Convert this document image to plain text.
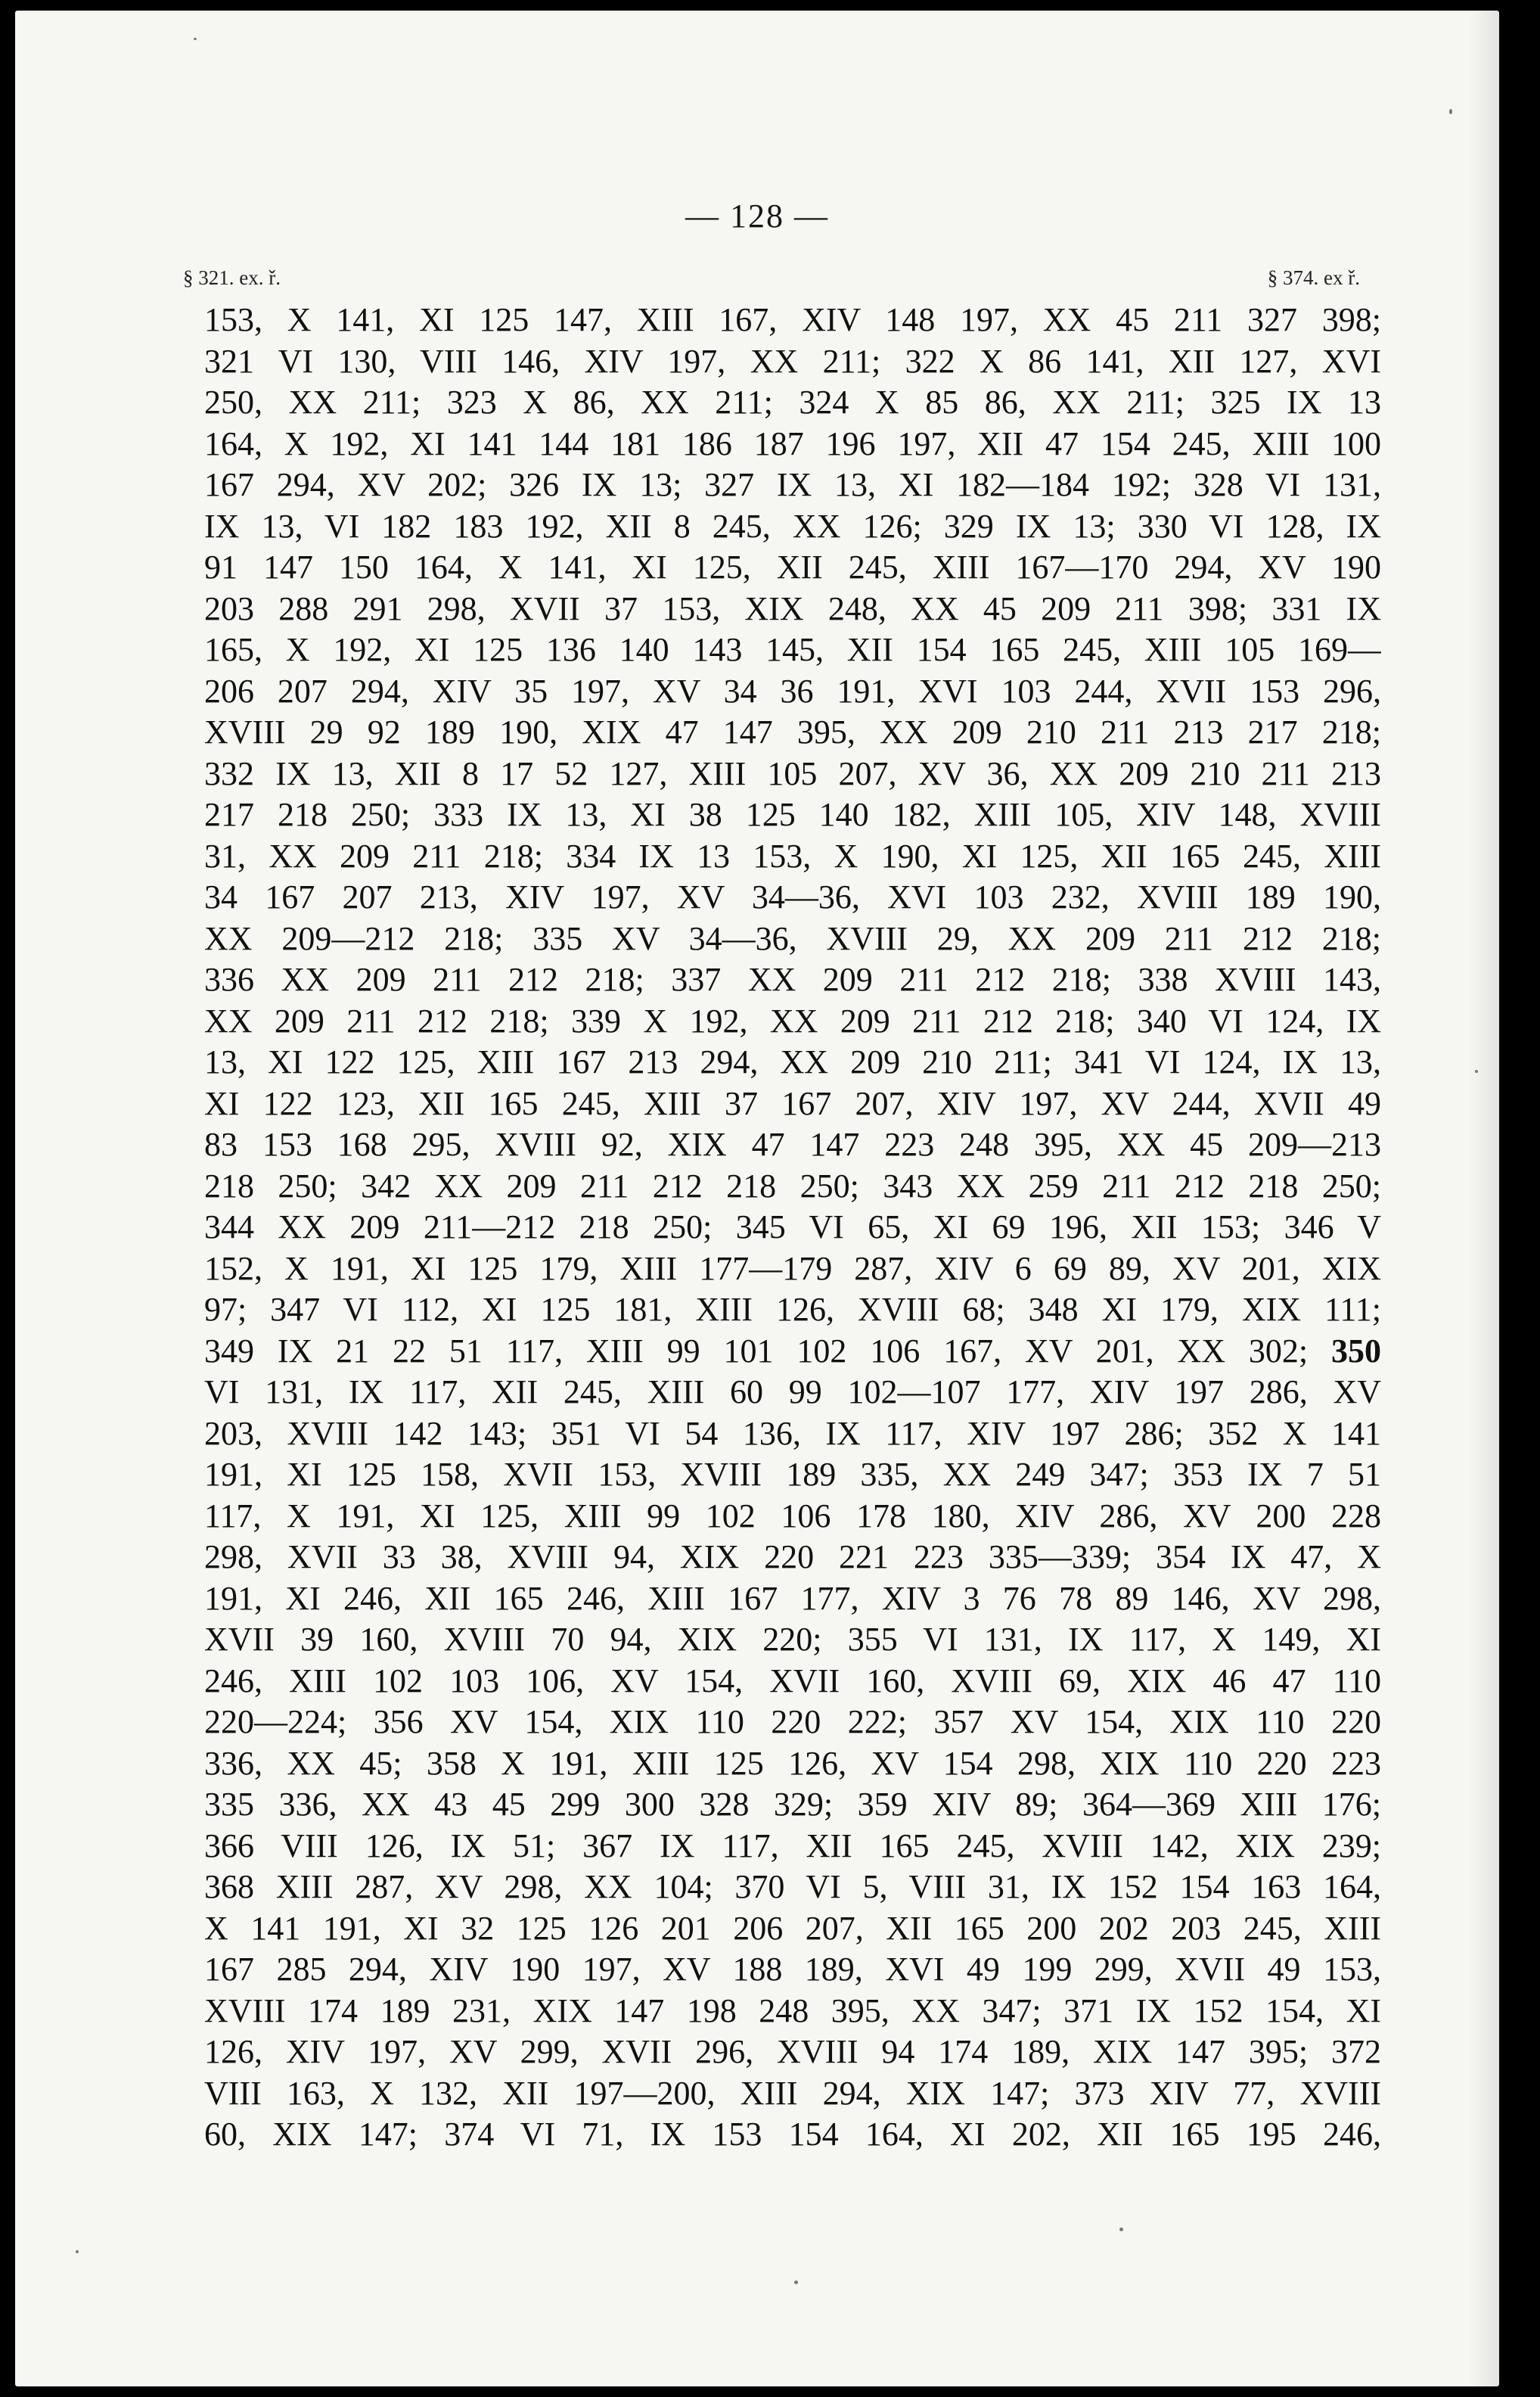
— 128 —
§ 321. ex. ř.	§ 374. ex ř.
153, X 141, XI 125 147, XIII 167, XIV 148 197, XX 45 211 327 398;
321 VI 130, VIII 146, XIV 197, XX 211; 322 X 86 141, XII 127, XVI
250, XX 211; 323 X 86, XX 211; 324 X 85 86, XX 211; 325 IX 13
164, X 192, XI 141 144 181 186 187 196 197, XII 47 154 245, XIII 100
167 294, XV 202; 326 IX 13; 327 IX 13, XI 182—184 192; 328 VI 131,
IX 13, VI 182 183 192, XII 8 245, XX 126; 329 IX 13; 330 VI 128, IX
91 147 150 164, X 141, XI 125, XII 245, XIII 167—170 294, XV 190
203 288 291 298, XVII 37 153, XIX 248, XX 45 209 211 398; 331 IX
165, X 192, XI 125 136 140 143 145, XII 154 165 245, XIII 105 169—
206 207 294, XIV 35 197, XV 34 36 191, XVI 103 244, XVII 153 296,
XVIII 29 92 189 190, XIX 47 147 395, XX 209 210 211 213 217 218;
332 IX 13, XII 8 17 52 127, XIII 105 207, XV 36, XX 209 210 211 213
217 218 250; 333 IX 13, XI 38 125 140 182, XIII 105, XIV 148, XVIII
31, XX 209 211 218; 334 IX 13 153, X 190, XI 125, XII 165 245, XIII
34 167 207 213, XIV 197, XV 34—36, XVI 103 232, XVIII 189 190,
XX 209—212 218; 335 XV 34—36, XVIII 29, XX 209 211 212 218;
336 XX 209 211 212 218; 337 XX 209 211 212 218; 338 XVIII 143,
XX 209 211 212 218; 339 X 192, XX 209 211 212 218; 340 VI 124, IX
13, XI 122 125, XIII 167 213 294, XX 209 210 211; 341 VI 124, IX 13,
XI 122 123, XII 165 245, XIII 37 167 207, XIV 197, XV 244, XVII 49
83 153 168 295, XVIII 92, XIX 47 147 223 248 395, XX 45 209—213
218 250; 342 XX 209 211 212 218 250; 343 XX 259 211 212 218 250;
344 XX 209 211—212 218 250; 345 VI 65, XI 69 196, XII 153; 346 V
152, X 191, XI 125 179, XIII 177—179 287, XIV 6 69 89, XV 201, XIX
97; 347 VI 112, XI 125 181, XIII 126, XVIII 68; 348 XI 179, XIX 111;
349 IX 21 22 51 117, XIII 99 101 102 106 167, XV 201, XX 302; 350
VI 131, IX 117, XII 245, XIII 60 99 102—107 177, XIV 197 286, XV
203, XVIII 142 143; 351 VI 54 136, IX 117, XIV 197 286; 352 X 141
191, XI 125 158, XVII 153, XVIII 189 335, XX 249 347; 353 IX 7 51
117, X 191, XI 125, XIII 99 102 106 178 180, XIV 286, XV 200 228
298, XVII 33 38, XVIII 94, XIX 220 221 223 335—339; 354 IX 47, X
191, XI 246, XII 165 246, XIII 167 177, XIV 3 76 78 89 146, XV 298,
XVII 39 160, XVIII 70 94, XIX 220; 355 VI 131, IX 117, X 149, XI
246, XIII 102 103 106, XV 154, XVII 160, XVIII 69, XIX 46 47 110
220—224; 356 XV 154, XIX 110 220 222; 357 XV 154, XIX 110 220
336, XX 45; 358 X 191, XIII 125 126, XV 154 298, XIX 110 220 223
335 336, XX 43 45 299 300 328 329; 359 XIV 89; 364—369 XIII 176;
366 VIII 126, IX 51; 367 IX 117, XII 165 245, XVIII 142, XIX 239;
368 XIII 287, XV 298, XX 104; 370 VI 5, VIII 31, IX 152 154 163 164,
X 141 191, XI 32 125 126 201 206 207, XII 165 200 202 203 245, XIII
167 285 294, XIV 190 197, XV 188 189, XVI 49 199 299, XVII 49 153,
XVIII 174 189 231, XIX 147 198 248 395, XX 347; 371 IX 152 154, XI
126, XIV 197, XV 299, XVII 296, XVIII 94 174 189, XIX 147 395; 372
VIII 163, X 132, XII 197—200, XIII 294, XIX 147; 373 XIV 77, XVIII
60, XIX 147; 374 VI 71, IX 153 154 164, XI 202, XII 165 195 246,
